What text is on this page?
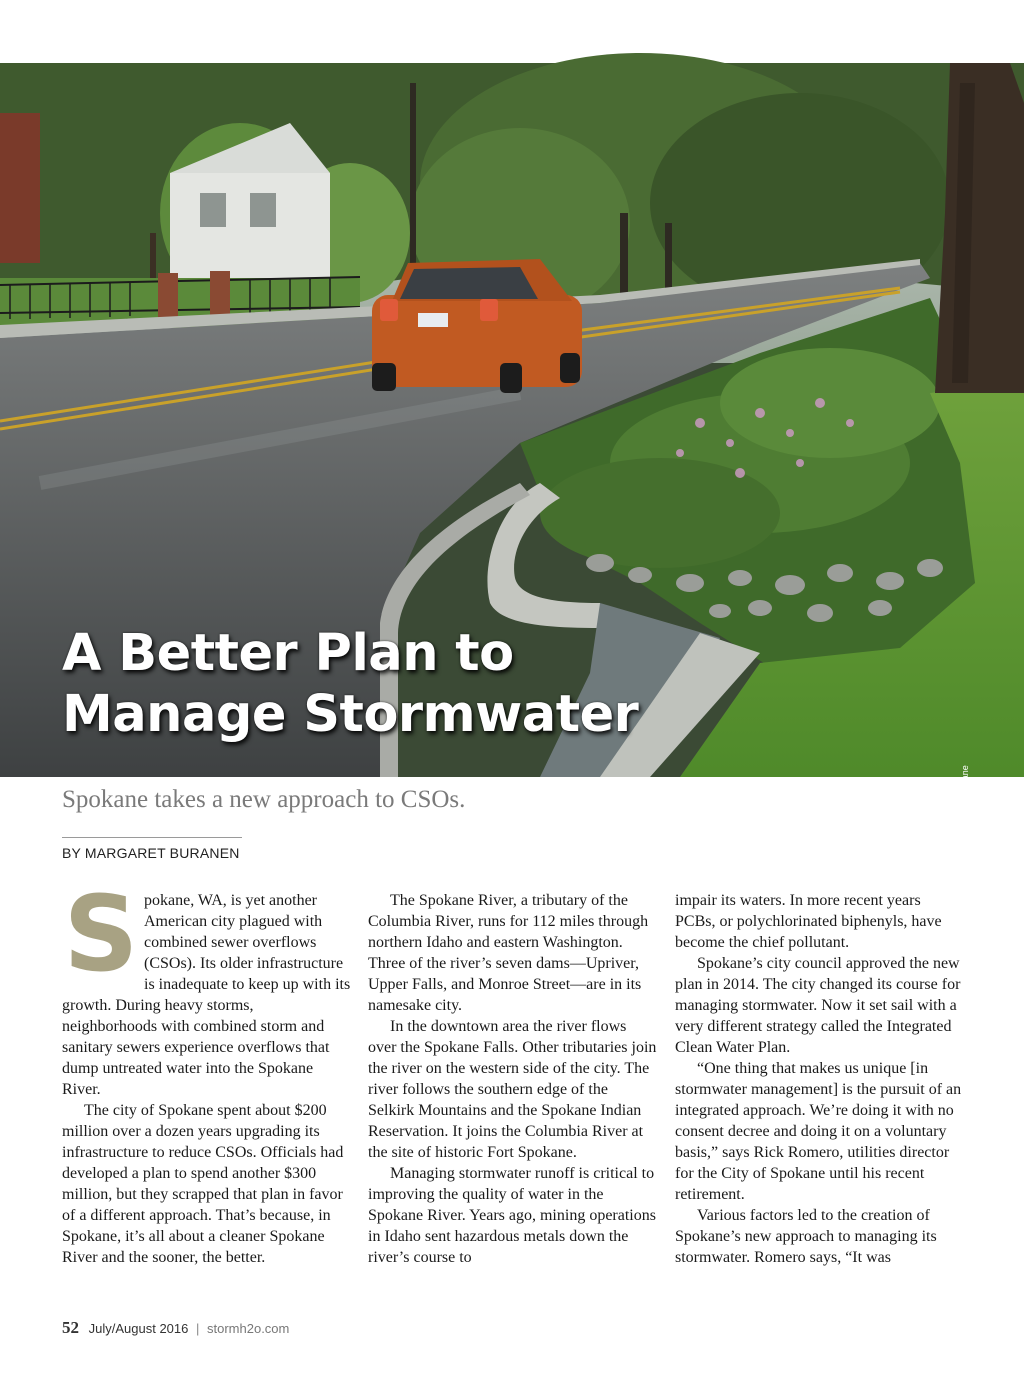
A Better Plan to
Manage Stormwater
City of Spokane
Spokane takes a new approach to CSOs.
BY MARGARET BURANEN

Spokane, WA, is yet another American city plagued with combined sewer overflows (CSOs). Its older infrastructure is inadequate to keep up with its growth. During heavy storms, neighborhoods with combined storm and sanitary sewers experience overflows that dump untreated water into the Spokane River.

The city of Spokane spent about $200 million over a dozen years upgrading its infrastructure to reduce CSOs. Officials had developed a plan to spend another $300 million, but they scrapped that plan in favor of a different approach. That’s because, in Spokane, it’s all about a cleaner Spokane River and the sooner, the better.

The Spokane River, a tributary of the Columbia River, runs for 112 miles through northern Idaho and eastern Washington. Three of the river’s seven dams—Upriver, Upper Falls, and Monroe Street—are in its namesake city.

In the downtown area the river flows over the Spokane Falls. Other tributaries join the river on the western side of the city. The river follows the southern edge of the Selkirk Mountains and the Spokane Indian Reservation. It joins the Columbia River at the site of historic Fort Spokane.

Managing stormwater runoff is critical to improving the quality of water in the Spokane River. Years ago, mining operations in Idaho sent hazardous metals down the river’s course to

impair its waters. In more recent years PCBs, or polychlorinated biphenyls, have become the chief pollutant.

Spokane’s city council approved the new plan in 2014. The city changed its course for managing stormwater. Now it set sail with a very different strategy called the Integrated Clean Water Plan.

“One thing that makes us unique [in stormwater management] is the pursuit of an integrated approach. We’re doing it with no consent decree and doing it on a voluntary basis,” says Rick Romero, utilities director for the City of Spokane until his recent retirement.

Various factors led to the creation of Spokane’s new approach to managing its stormwater. Romero says, “It was

52 July/August 2016 | stormh2o.com
